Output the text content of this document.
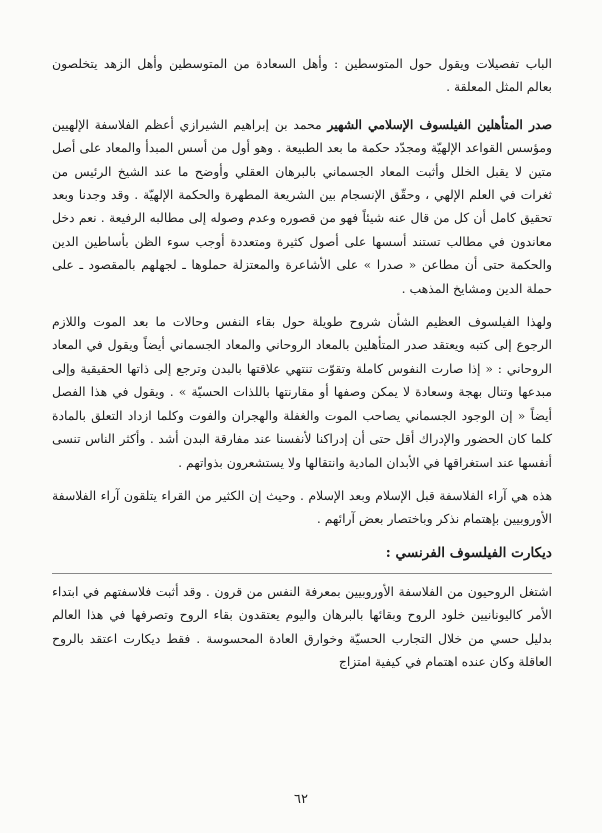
الباب تفصيلات ويقول حول المتوسطين : وأهل السعادة من المتوسطين وأهل الزهد يتخلصون بعالم المثل المعلقة .

صدر المتأهلين الفيلسوف الإسلامي الشهير محمد بن إبراهيم الشيرازي أعظم الفلاسفة الإلهيين ومؤسس القواعد الإلهيّة ومجدّد حكمة ما بعد الطبيعة . وهو أول من أسس المبدأ والمعاد على أصل متين لا يقبل الخلل وأثبت المعاد الجسماني بالبرهان العقلي وأوضح ما عند الشيخ الرئيس من ثغرات في العلم الإلهي ، وحقّق الإنسجام بين الشريعة المطهرة والحكمة الإلهيّة . وقد وجدنا وبعد تحقيق كامل أن كل من قال عنه شيئاً فهو من قصوره وعدم وصوله إلى مطالبه الرفيعة . نعم دخل معاندون في مطالب تستند أسسها على أصول كثيرة ومتعددة أوجب سوء الظن بأساطين الدين والحكمة حتى أن مطاعن « صدرا » على الأشاعرة والمعتزلة حملوها ـ لجهلهم بالمقصود ـ على حملة الدين ومشايخ المذهب .

ولهذا الفيلسوف العظيم الشأن شروح طويلة حول بقاء النفس وحالات ما بعد الموت واللازم الرجوع إلى كتبه ويعتقد صدر المتأهلين بالمعاد الروحاني والمعاد الجسماني أيضاً ويقول في المعاد الروحاني : « إذا صارت النفوس كاملة وتقوّت تنتهي علاقتها بالبدن وترجع إلى ذاتها الحقيقية وإلى مبدعها وتنال بهجة وسعادة لا يمكن وصفها أو مقارنتها باللذات الحسيّة » . ويقول في هذا الفصل أيضاً « إن الوجود الجسماني يصاحب الموت والغفلة والهجران والفوت وكلما ازداد التعلق بالمادة كلما كان الحضور والإدراك أقل حتى أن إدراكنا لأنفسنا عند مفارقة البدن أشد . وأكثر الناس تنسى أنفسها عند استغراقها في الأبدان المادية وانتقالها ولا يستشعرون بذواتهم .

هذه هي آراء الفلاسفة قبل الإسلام وبعد الإسلام . وحيث إن الكثير من القراء يتلقون آراء الفلاسفة الأوروبيين بإهتمام نذكر وباختصار بعض آرائهم .

ديكارت الفيلسوف الفرنسي :

اشتغل الروحيون من الفلاسفة الأوروبيين بمعرفة النفس من قرون . وقد أثبت فلاسفتهم في ابتداء الأمر كاليونانيين خلود الروح وبقائها بالبرهان واليوم يعتقدون بقاء الروح وتصرفها في هذا العالم بدليل حسي من خلال التجارب الحسيّة وخوارق العادة المحسوسة . فقط ديكارت اعتقد بالروح العاقلة وكان عنده اهتمام في كيفية امتزاج

٦٢
